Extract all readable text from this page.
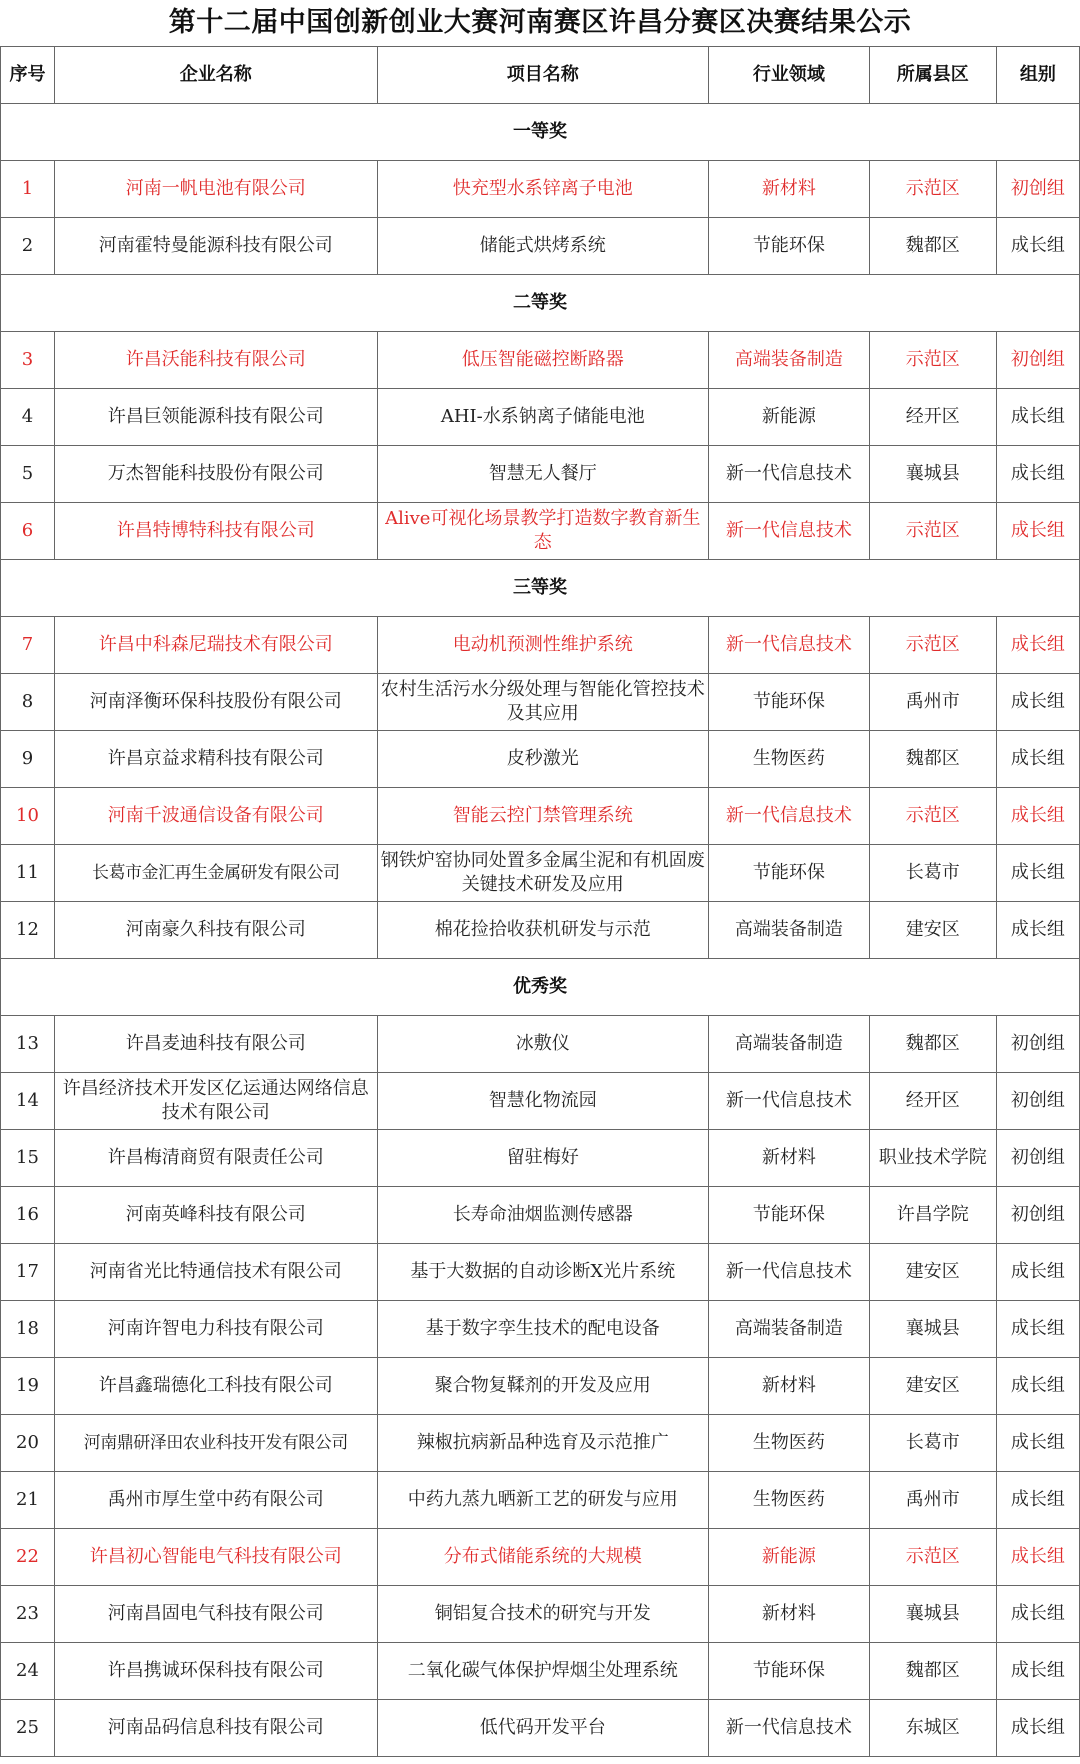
第十二届中国创新创业大赛河南赛区许昌分赛区决赛结果公示
序号	企业名称	项目名称	行业领域	所属县区	组别
一等奖					
1	河南一帆电池有限公司	快充型水系锌离子电池	新材料	示范区	初创组
2	河南霍特曼能源科技有限公司	储能式烘烤系统	节能环保	魏都区	成长组
二等奖					
3	许昌沃能科技有限公司	低压智能磁控断路器	高端装备制造	示范区	初创组
4	许昌巨领能源科技有限公司	AHI-水系钠离子储能电池	新能源	经开区	成长组
5	万杰智能科技股份有限公司	智慧无人餐厅	新一代信息技术	襄城县	成长组
6	许昌特博特科技有限公司	Alive可视化场景教学打造数字教育新生态	新一代信息技术	示范区	成长组
三等奖					
7	许昌中科森尼瑞技术有限公司	电动机预测性维护系统	新一代信息技术	示范区	成长组
8	河南泽衡环保科技股份有限公司	农村生活污水分级处理与智能化管控技术及其应用	节能环保	禹州市	成长组
9	许昌京益求精科技有限公司	皮秒激光	生物医药	魏都区	成长组
10	河南千波通信设备有限公司	智能云控门禁管理系统	新一代信息技术	示范区	成长组
11	长葛市金汇再生金属研发有限公司	钢铁炉窑协同处置多金属尘泥和有机固废关键技术研发及应用	节能环保	长葛市	成长组
12	河南豪久科技有限公司	棉花捡拾收获机研发与示范	高端装备制造	建安区	成长组
优秀奖					
13	许昌麦迪科技有限公司	冰敷仪	高端装备制造	魏都区	初创组
14	许昌经济技术开发区亿运通达网络信息技术有限公司	智慧化物流园	新一代信息技术	经开区	初创组
15	许昌梅清商贸有限责任公司	留驻梅好	新材料	职业技术学院	初创组
16	河南英峰科技有限公司	长寿命油烟监测传感器	节能环保	许昌学院	初创组
17	河南省光比特通信技术有限公司	基于大数据的自动诊断X光片系统	新一代信息技术	建安区	成长组
18	河南许智电力科技有限公司	基于数字孪生技术的配电设备	高端装备制造	襄城县	成长组
19	许昌鑫瑞德化工科技有限公司	聚合物复鞣剂的开发及应用	新材料	建安区	成长组
20	河南鼎研泽田农业科技开发有限公司	辣椒抗病新品种选育及示范推广	生物医药	长葛市	成长组
21	禹州市厚生堂中药有限公司	中药九蒸九晒新工艺的研发与应用	生物医药	禹州市	成长组
22	许昌初心智能电气科技有限公司	分布式储能系统的大规模	新能源	示范区	成长组
23	河南昌固电气科技有限公司	铜铝复合技术的研究与开发	新材料	襄城县	成长组
24	许昌携诚环保科技有限公司	二氧化碳气体保护焊烟尘处理系统	节能环保	魏都区	成长组
25	河南品码信息科技有限公司	低代码开发平台	新一代信息技术	东城区	成长组
